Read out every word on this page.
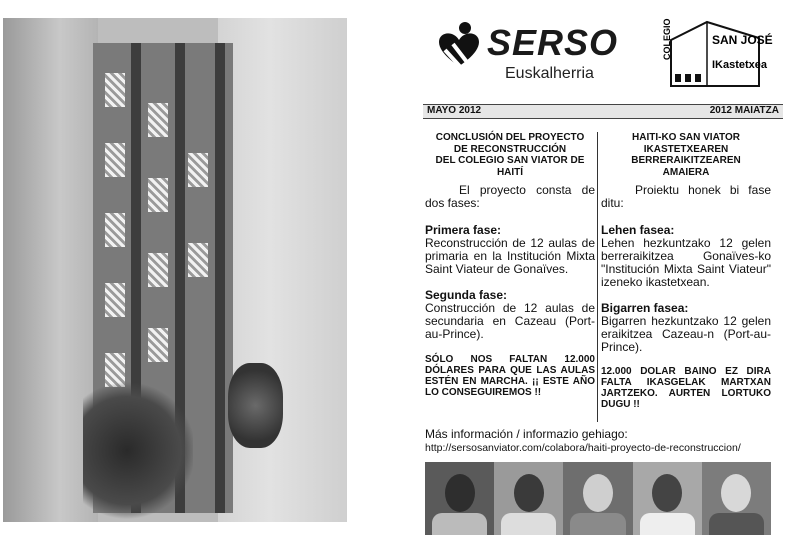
SERSO
Euskalherria
COLEGIO	SAN JOSÉ
IKastetxea
MAYO 2012	2012 MAIATZA
CONCLUSIÓN DEL PROYECTO
DE RECONSTRUCCIÓN
DEL COLEGIO SAN VIATOR DE HAITÍ
El proyecto consta de dos fases:
Primera fase:
Reconstrucción de 12 aulas de primaria en la Institución Mixta Saint Viateur de Gonaïves.
Segunda fase:
Construcción de 12 aulas de secundaria en Cazeau (Port-au-Prince).
SÓLO NOS FALTAN 12.000 DÓLARES PARA QUE LAS AULAS ESTÉN EN MARCHA. ¡¡ ESTE AÑO LO CONSEGUIREMOS !!
HAITI-KO SAN VIATOR
IKASTETXEAREN BERRERAIKITZEAREN
AMAIERA
Proiektu honek bi fase ditu:
Lehen fasea:
Lehen hezkuntzako 12 gelen berreraikitzea Gonaïves-ko "Institución Mixta Saint Viateur" izeneko ikastetxean.
Bigarren fasea:
Bigarren hezkuntzako 12 gelen eraikitzea Cazeau-n (Port-au-Prince).
12.000 DOLAR BAINO EZ DIRA FALTA IKASGELAK MARTXAN JARTZEKO. AURTEN LORTUKO DUGU !!
Más información / informazio gehiago:
http://sersosanviator.com/colabora/haiti-proyecto-de-reconstruccion/
